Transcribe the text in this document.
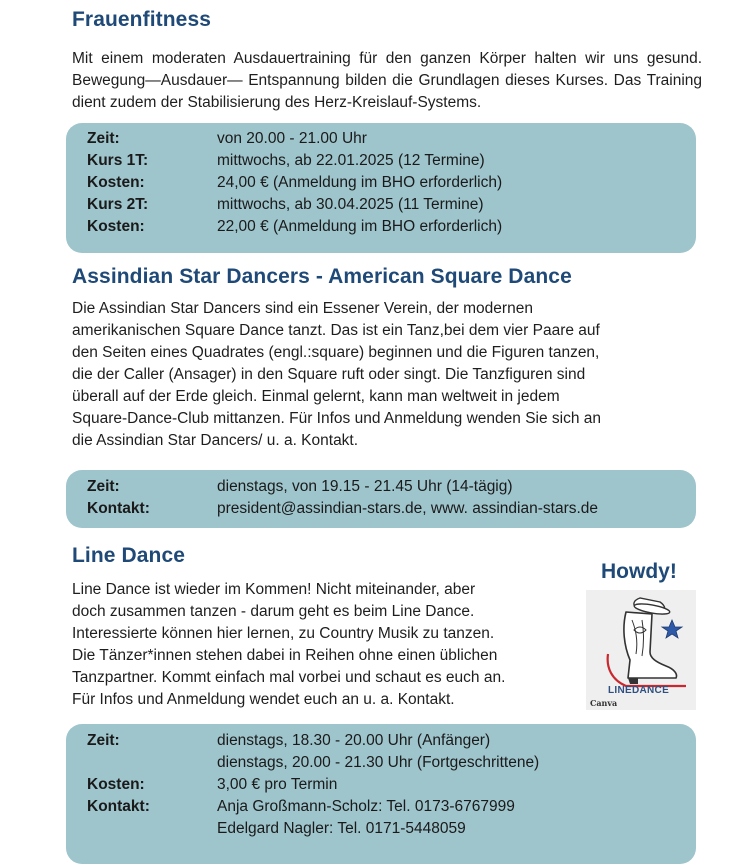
Frauenfitness

Mit einem moderaten Ausdauertraining für den ganzen Körper halten wir uns gesund. Bewegung—Ausdauer— Entspannung bilden die Grundlagen dieses Kurses. Das Training dient zudem der Stabilisierung des Herz-Kreislauf-Systems.

Zeit:	von 20.00 - 21.00 Uhr
Kurs 1T:	mittwochs, ab 22.01.2025 (12 Termine)
Kosten:	24,00 € (Anmeldung im BHO erforderlich)
Kurs 2T:	mittwochs, ab 30.04.2025 (11 Termine)
Kosten:	22,00 € (Anmeldung im BHO erforderlich)
Assindian Star Dancers - American Square Dance
Die Assindian Star Dancers sind ein Essener Verein, der modernen
amerikanischen Square Dance tanzt. Das ist ein Tanz,bei dem vier Paare auf
den Seiten eines Quadrates (engl.:square) beginnen und die Figuren tanzen,
die der Caller (Ansager) in den Square ruft oder singt. Die Tanzfiguren sind
überall auf der Erde gleich. Einmal gelernt, kann man weltweit in jedem
Square-Dance-Club mittanzen. Für Infos und Anmeldung wenden Sie sich an
die Assindian Star Dancers/ u. a. Kontakt.
Zeit:	dienstags, von 19.15 - 21.45 Uhr (14-tägig)
Kontakt:	president@assindian-stars.de, www. assindian-stars.de
Line Dance
Line Dance ist wieder im Kommen! Nicht miteinander, aber
doch zusammen tanzen - darum geht es beim Line Dance.
Interessierte können hier lernen, zu Country Musik zu tanzen.
Die Tänzer*innen stehen dabei in Reihen ohne einen üblichen
Tanzpartner. Kommt einfach mal vorbei und schaut es euch an.
Für Infos und Anmeldung wendet euch an u. a. Kontakt.

Howdy!

LINEDANCE

Canva

Zeit:	dienstags, 18.30 - 20.00 Uhr (Anfänger)
dienstags, 20.00 - 21.30 Uhr (Fortgeschrittene)
Kosten:	3,00 € pro Termin
Kontakt:	Anja Großmann-Scholz: Tel. 0173-6767999
Edelgard Nagler: Tel. 0171-5448059
